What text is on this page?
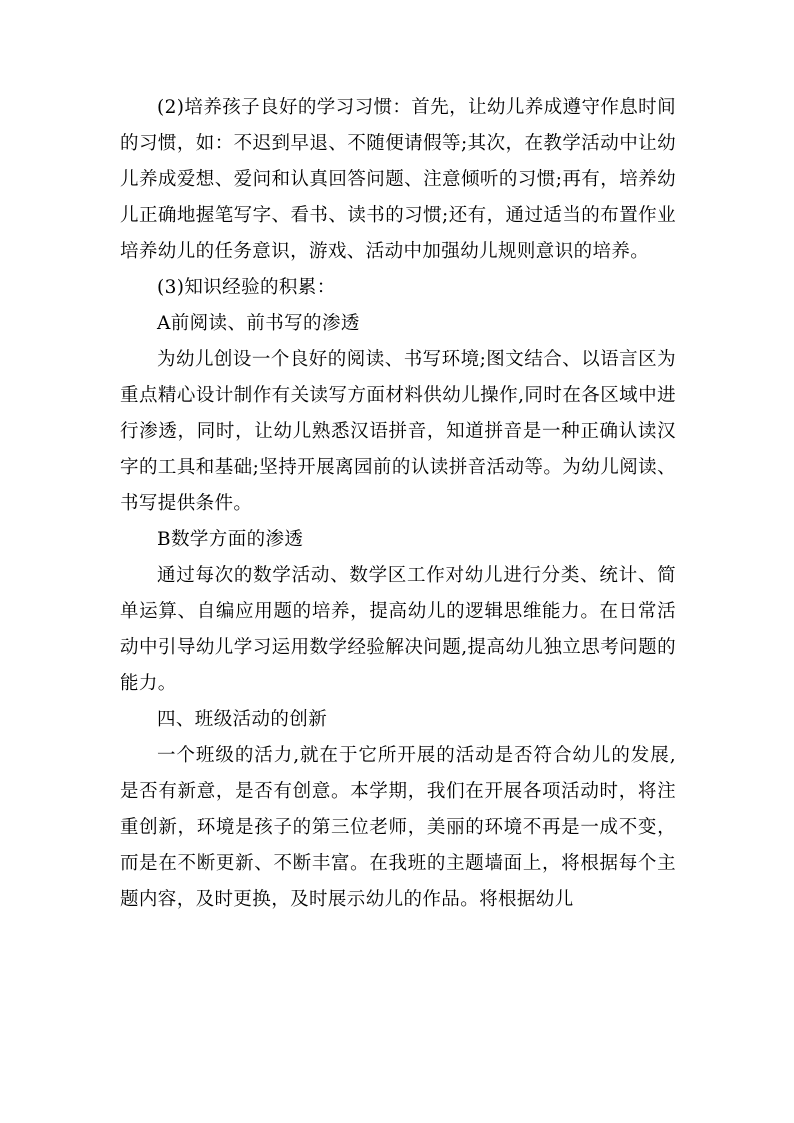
(2)培养孩子良好的学习习惯：首先，让幼儿养成遵守作息时间的习惯，如：不迟到早退、不随便请假等;其次，在教学活动中让幼儿养成爱想、爱问和认真回答问题、注意倾听的习惯;再有，培养幼儿正确地握笔写字、看书、读书的习惯;还有，通过适当的布置作业培养幼儿的任务意识，游戏、活动中加强幼儿规则意识的培养。

(3)知识经验的积累：

A前阅读、前书写的渗透

为幼儿创设一个良好的阅读、书写环境;图文结合、以语言区为重点精心设计制作有关读写方面材料供幼儿操作,同时在各区域中进行渗透，同时，让幼儿熟悉汉语拼音，知道拼音是一种正确认读汉字的工具和基础;坚持开展离园前的认读拼音活动等。为幼儿阅读、书写提供条件。

B数学方面的渗透

通过每次的数学活动、数学区工作对幼儿进行分类、统计、简单运算、自编应用题的培养，提高幼儿的逻辑思维能力。在日常活动中引导幼儿学习运用数学经验解决问题,提高幼儿独立思考问题的能力。

四、班级活动的创新

一个班级的活力,就在于它所开展的活动是否符合幼儿的发展,是否有新意，是否有创意。本学期，我们在开展各项活动时，将注重创新，环境是孩子的第三位老师，美丽的环境不再是一成不变，而是在不断更新、不断丰富。在我班的主题墙面上，将根据每个主题内容，及时更换，及时展示幼儿的作品。将根据幼儿
